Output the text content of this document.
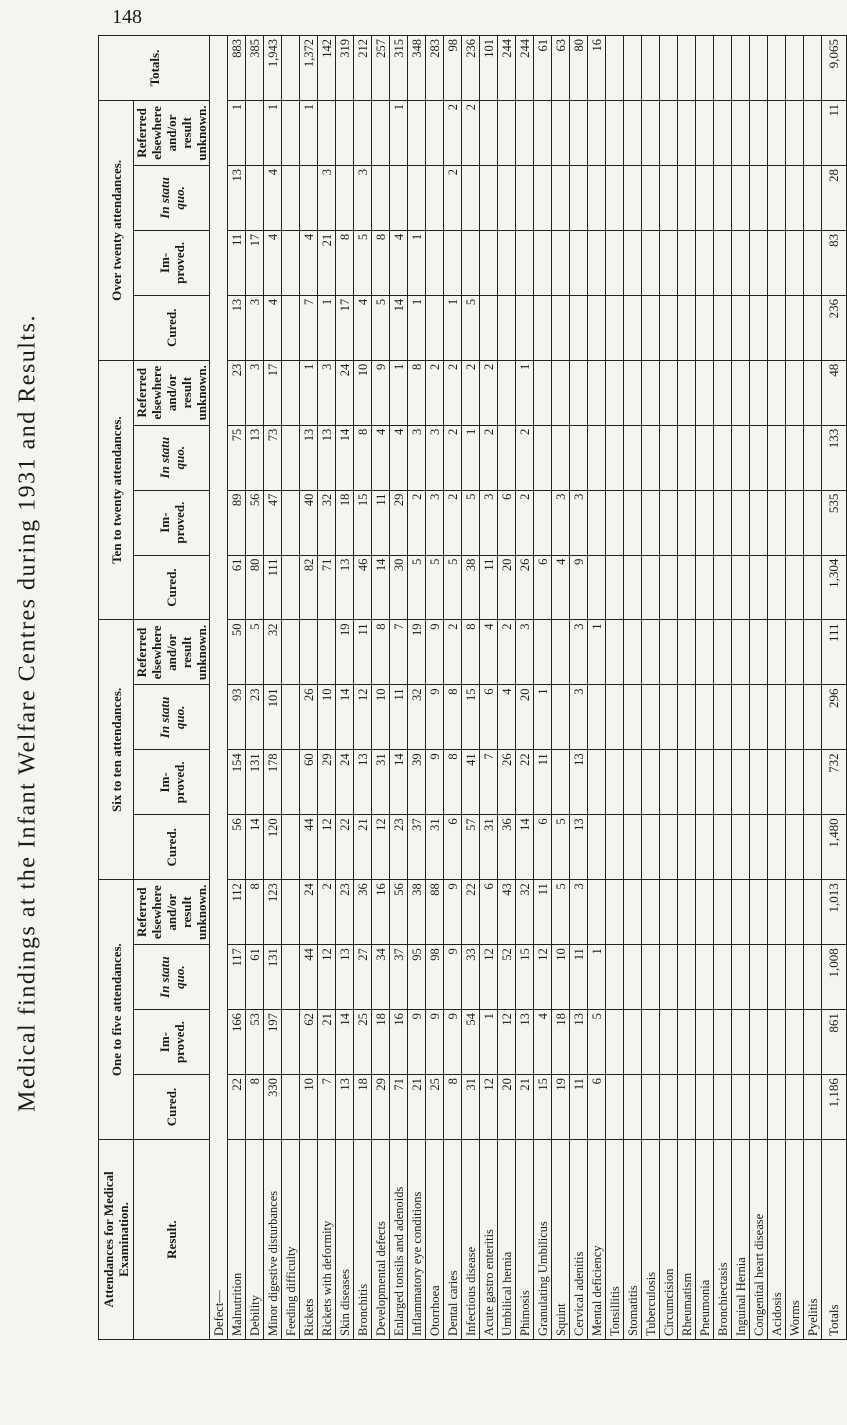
148
Medical findings at the Infant Welfare Centres during 1931 and Results.
Attendances for Medical Examination.	One to five attendances.				Six to ten attendances.				Ten to twenty attendances.				Over twenty attendances.				Totals.
Result.	Cured.	Im-proved.	In statu quo.	Referred elsewhere and/or result unknown.	Cured.	Im-proved.	In statu quo.	Referred elsewhere and/or result unknown.	Cured.	Im-proved.	In statu quo.	Referred elsewhere and/or result unknown.	Cured.	Im-proved.	In statu quo.	Referred elsewhere and/or result unknown.	
Defect—																	
Malnutrition	22	166	117	112	56	154	93	50	61	89	75	23	13	11	13	1	883
Debility	8	53	61	8	14	131	23	5	80	56	13	3	3	17			385
Minor digestive disturbances	330	197	131	123	120	178	101	32	111	47	73	17	4	4	4	1	1,943
Feeding difficulty																	
Rickets	10	62	44	24	44	60	26		82	40	13	1	7	4		1	1,372
Rickets with deformity	7	21	12	2	12	29	10		71	32	13	3	1	21	3		142
Skin diseases	13	14	13	23	22	24	14	19	13	18	14	24	17	8			319
Bronchitis	18	25	27	36	21	13	12	11	46	15	8	10	4	5	3		212
Developmental defects	29	18	34	16	12	31	10	8	14	11	4	9	5	8			257
Enlarged tonsils and adenoids	71	16	37	56	23	14	11	7	30	29	4	1	14	4		1	315
Inflammatory eye conditions	21	9	95	38	37	39	32	19	5	2	3	8	1	1			348
Otorrhoea	25	9	98	88	31	9	9	9	5	3	3	2					283
Dental caries	8	9	9	9	6	8	8	2	5	2	2	2	1		2	2	98
Infectious disease	31	54	33	22	57	41	15	8	38	5	1	2	5			2	236
Acute gastro enteritis	12	1	12	6	31	7	6	4	11	3	2	2					101
Umbilical hernia	20	12	52	43	36	26	4	2	20	6							244
Phimosis	21	13	15	32	14	22	20	3	26	2	2	1					244
Granulating Umbilicus	15	4	12	11	6	11	1		6								61
Squint	19	18	10	5	5				4	3							63
Cervical adenitis	11	13	11	3	13	13	3	3	9	3							80
Mental deficiency	6	5	1					1									16
Tonsillitis																	
Stomatitis																	
Tuberculosis																	
Circumcision																	
Rheumatism																	
Pneumonia																	
Bronchiectasis																	
Inguinal Hernia																	
Congenital heart disease																	
Acidosis																	
Worms																	
Pyelitis																	
Totals	1,186	861	1,008	1,013	1,480	732	296	111	1,304	535	133	48	236	83	28	11	9,065
